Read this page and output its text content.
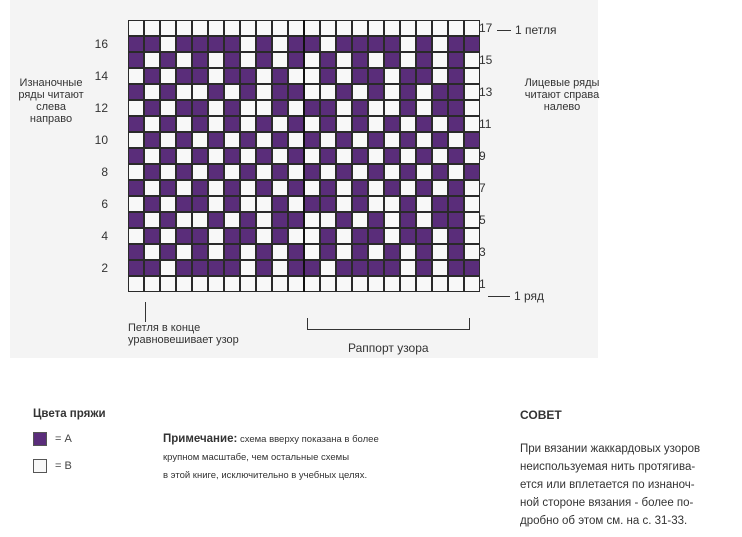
1 петля
1 ряд
Изнаночные
ряды читают
слева направо
Лицевые ряды
читают справа
налево
Петля в конце
уравновешивает узор
Раппорт узора
Цвета пряжи
= А
= В
Примечание: схема вверху показана в более
крупном масштабе, чем остальные схемы
в этой книге, исключительно в учебных целях.
СОВЕТ
При вязании жаккардовых узоров
неиспользуемая нить протягива-
ется или вплетается по изнаноч-
ной стороне вязания - более по-
дробно об этом см. на с. 31-33.
16
14
12
10
8
6
4
2
17
15
13
11
9
7
5
3
1
